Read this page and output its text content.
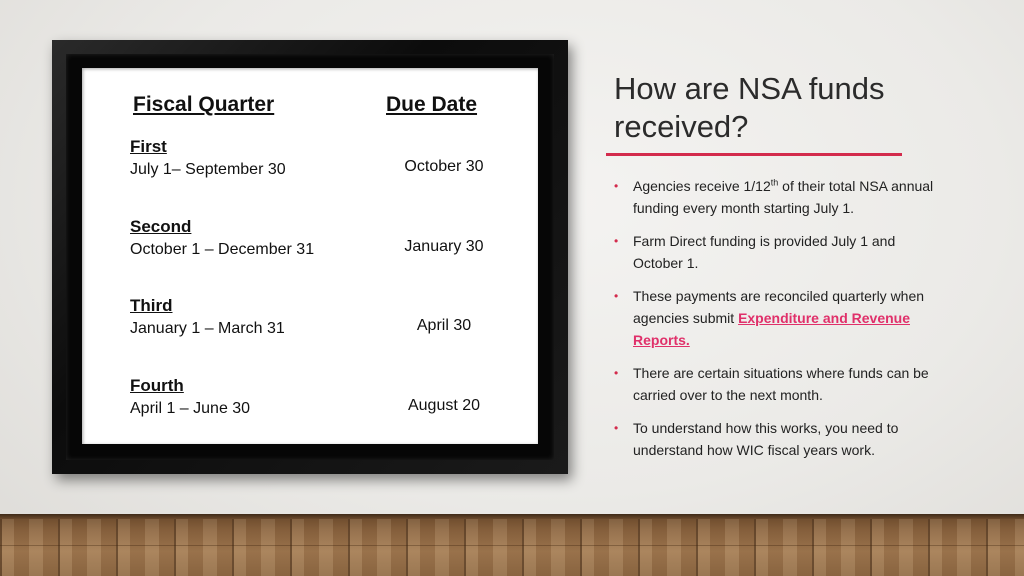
Fiscal Quarter	Due Date
First
July 1– September 30	October 30
Second
October 1 – December 31	January 30
Third
January 1 – March 31	April 30
Fourth
April 1 – June 30	August 20
How are NSA funds received?
• Agencies receive 1/12th of their total NSA annual funding every month starting July 1.
• Farm Direct funding is provided July 1 and October 1.
• These payments are reconciled quarterly when agencies submit Expenditure and Revenue Reports.
• There are certain situations where funds can be carried over to the next month.
• To understand how this works, you need to understand how WIC fiscal years work.
